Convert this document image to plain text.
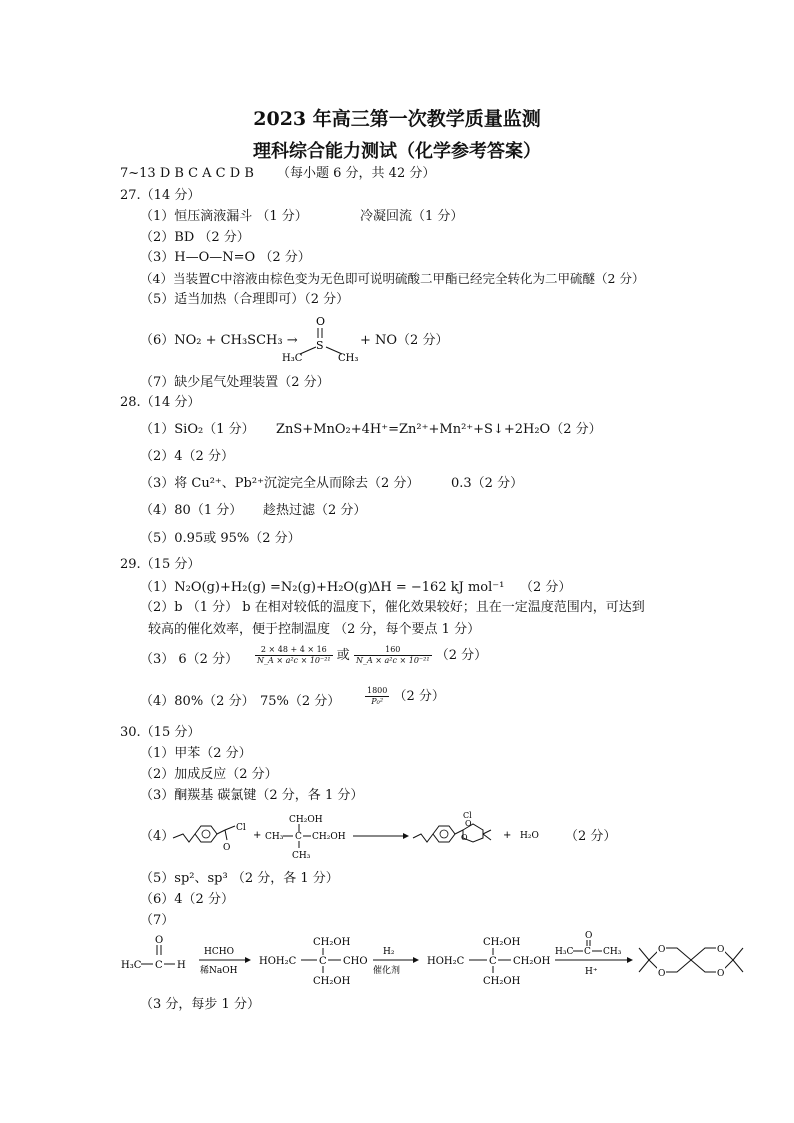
2023 年高三第一次教学质量监测
理科综合能力测试（化学参考答案）
7~13 D B C A C D B （每小题 6 分，共 42 分）
27.（14 分）
（1）恒压滴液漏斗 （1 分）	冷凝回流（1 分）
（2）BD （2 分）
（3）H—O—N=O （2 分）
（4）当装置C中溶液由棕色变为无色即可说明硫酸二甲酯已经完全转化为二甲硫醚（2 分）
（5）适当加热（合理即可）（2 分）
（6）NO₂ + CH₃SCH₃ →
O
S
H₃C	CH₃
+ NO（2 分）
（7）缺少尾气处理装置（2 分）
28.（14 分）
（1）SiO₂（1 分） ZnS+MnO₂+4H⁺=Zn²⁺+Mn²⁺+S↓+2H₂O（2 分）
（2）4（2 分）
（3）将 Cu²⁺、Pb²⁺沉淀完全从而除去（2 分） 0.3（2 分）
（4）80（1 分） 趁热过滤（2 分）
（5）0.95或 95%（2 分）
29.（15 分）
（1）N₂O(g)+H₂(g) =N₂(g)+H₂O(g)
ΔH = −162 kJ mol⁻¹ （2 分）
（2）b （1 分） b 在相对较低的温度下，催化效果较好；且在一定温度范围内，可达到
较高的催化效率，便于控制温度 （2 分，每个要点 1 分）
（3） 6（2 分） $\frac{2 \times 48 + 4 \times 16}{\text{N\_A × a²c × 10⁻²¹}}$ 或 $\frac{160}{\text{N\_A × a²c × 10⁻²¹}} (2$ 分）
（4）80%（2 分） 75%（2 分）	$\frac{1800}{\text{P₀²}} (2$ 分）
30.（15 分）
（1）甲苯（2 分）
（2）加成反应（2 分）
（3）酮羰基 碳氯键（2 分，各 1 分）
（4）
Cl
O
+
CH₂OH
CH₃ C CH₂OH
CH₃
Cl
O
O	+ H₂O （2 分）
（5）sp²、sp³ （2 分，各 1 分）
（6）4（2 分）
（7）
O
H₃C C H
HCHO
稀NaOH
CH₂OH
HOH₂C C CHO
CH₂OH
H₂
催化剂
CH₂OH
HOH₂C C CH₂OH
CH₂OH
O
H₃C C CH₃
H⁺
O
O
O
O
（3 分，每步 1 分）
